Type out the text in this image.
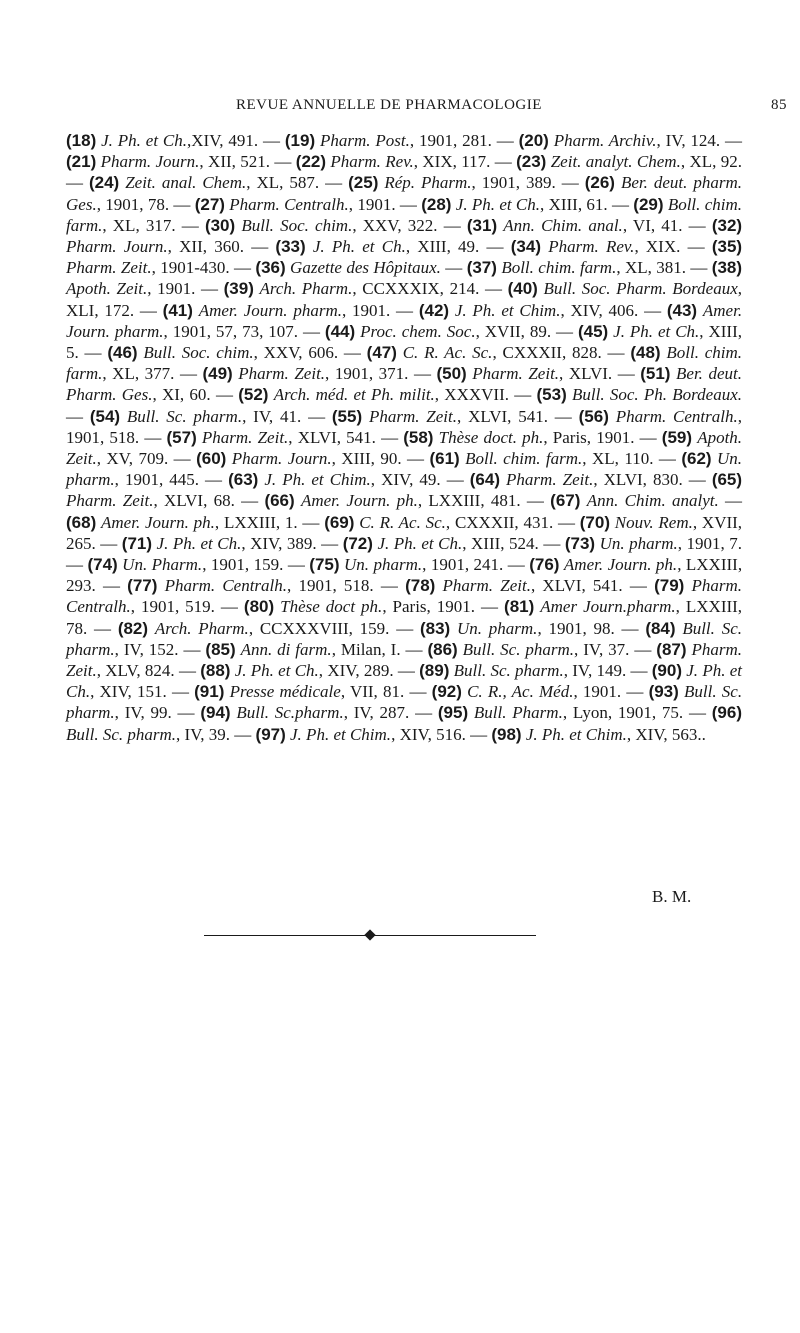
REVUE ANNUELLE DE PHARMACOLOGIE	85
(18) J. Ph. et Ch.,XIV, 491. — (19) Pharm. Post., 1901, 281. — (20) Pharm. Archiv., IV, 124. — (21) Pharm. Journ., XII, 521. — (22) Pharm. Rev., XIX, 117. — (23) Zeit. analyt. Chem., XL, 92. — (24) Zeit. anal. Chem., XL, 587. — (25) Rép. Pharm., 1901, 389. — (26) Ber. deut. pharm. Ges., 1901, 78. — (27) Pharm. Centralh., 1901. — (28) J. Ph. et Ch., XIII, 61. — (29) Boll. chim. farm., XL, 317. — (30) Bull. Soc. chim., XXV, 322. — (31) Ann. Chim. anal., VI, 41. — (32) Pharm. Journ., XII, 360. — (33) J. Ph. et Ch., XIII, 49. — (34) Pharm. Rev., XIX. — (35) Pharm. Zeit., 1901-430. — (36) Gazette des Hôpitaux. — (37) Boll. chim. farm., XL, 381. — (38) Apoth. Zeit., 1901. — (39) Arch. Pharm., CCXXXIX, 214. — (40) Bull. Soc. Pharm. Bordeaux, XLI, 172. — (41) Amer. Journ. pharm., 1901. — (42) J. Ph. et Chim., XIV, 406. — (43) Amer. Journ. pharm., 1901, 57, 73, 107. — (44) Proc. chem. Soc., XVII, 89. — (45) J. Ph. et Ch., XIII, 5. — (46) Bull. Soc. chim., XXV, 606. — (47) C. R. Ac. Sc., CXXXII, 828. — (48) Boll. chim. farm., XL, 377. — (49) Pharm. Zeit., 1901, 371. — (50) Pharm. Zeit., XLVI. — (51) Ber. deut. Pharm. Ges., XI, 60. — (52) Arch. méd. et Ph. milit., XXXVII. — (53) Bull. Soc. Ph. Bordeaux. — (54) Bull. Sc. pharm., IV, 41. — (55) Pharm. Zeit., XLVI, 541. — (56) Pharm. Centralh., 1901, 518. — (57) Pharm. Zeit., XLVI, 541. — (58) Thèse doct. ph., Paris, 1901. — (59) Apoth. Zeit., XV, 709. — (60) Pharm. Journ., XIII, 90. — (61) Boll. chim. farm., XL, 110. — (62) Un. pharm., 1901, 445. — (63) J. Ph. et Chim., XIV, 49. — (64) Pharm. Zeit., XLVI, 830. — (65) Pharm. Zeit., XLVI, 68. — (66) Amer. Journ. ph., LXXIII, 481. — (67) Ann. Chim. analyt. — (68) Amer. Journ. ph., LXXIII, 1. — (69) C. R. Ac. Sc., CXXXII, 431. — (70) Nouv. Rem., XVII, 265. — (71) J. Ph. et Ch., XIV, 389. — (72) J. Ph. et Ch., XIII, 524. — (73) Un. pharm., 1901, 7. — (74) Un. Pharm., 1901, 159. — (75) Un. pharm., 1901, 241. — (76) Amer. Journ. ph., LXXIII, 293. — (77) Pharm. Centralh., 1901, 518. — (78) Pharm. Zeit., XLVI, 541. — (79) Pharm. Centralh., 1901, 519. — (80) Thèse doct ph., Paris, 1901. — (81) Amer Journ.pharm., LXXIII, 78. — (82) Arch. Pharm., CCXXXVIII, 159. — (83) Un. pharm., 1901, 98. — (84) Bull. Sc. pharm., IV, 152. — (85) Ann. di farm., Milan, I. — (86) Bull. Sc. pharm., IV, 37. — (87) Pharm. Zeit., XLV, 824. — (88) J. Ph. et Ch., XIV, 289. — (89) Bull. Sc. pharm., IV, 149. — (90) J. Ph. et Ch., XIV, 151. — (91) Presse médicale, VII, 81. — (92) C. R., Ac. Méd., 1901. — (93) Bull. Sc. pharm., IV, 99. — (94) Bull. Sc.pharm., IV, 287. — (95) Bull. Pharm., Lyon, 1901, 75. — (96) Bull. Sc. pharm., IV, 39. — (97) J. Ph. et Chim., XIV, 516. — (98) J. Ph. et Chim., XIV, 563..
B. M.
